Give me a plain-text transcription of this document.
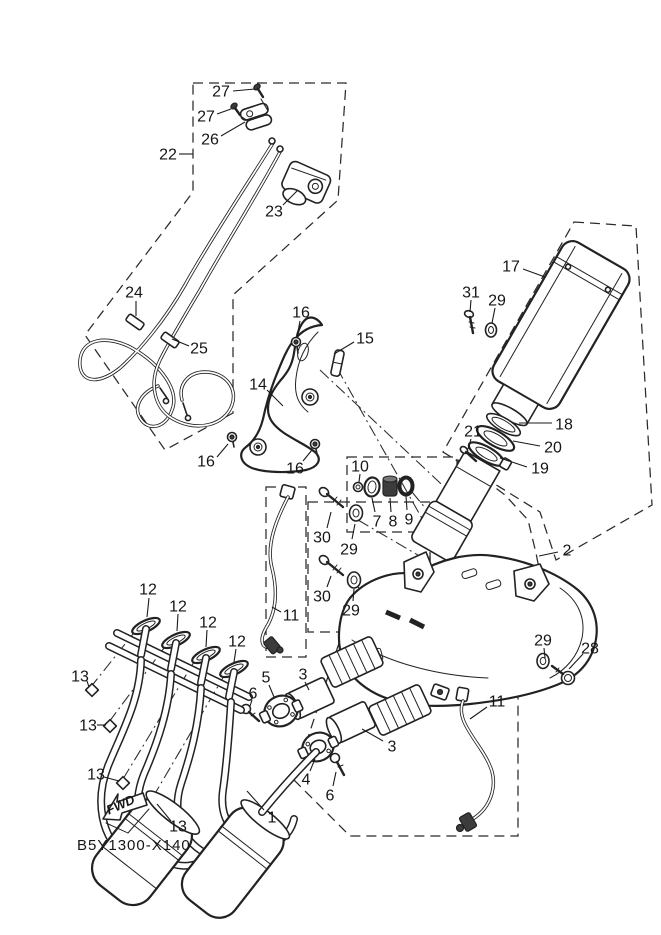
27
27
26
22
23
24
25
16
15
14
16	16
17
31 29
18
20
19
21
2
10
7 8 9
30
29
30
29
12
12
12
12
13
13
13
13
5
6
3
4
6
3
1
11
11
29 28
FWD
B5Y1300-X140
